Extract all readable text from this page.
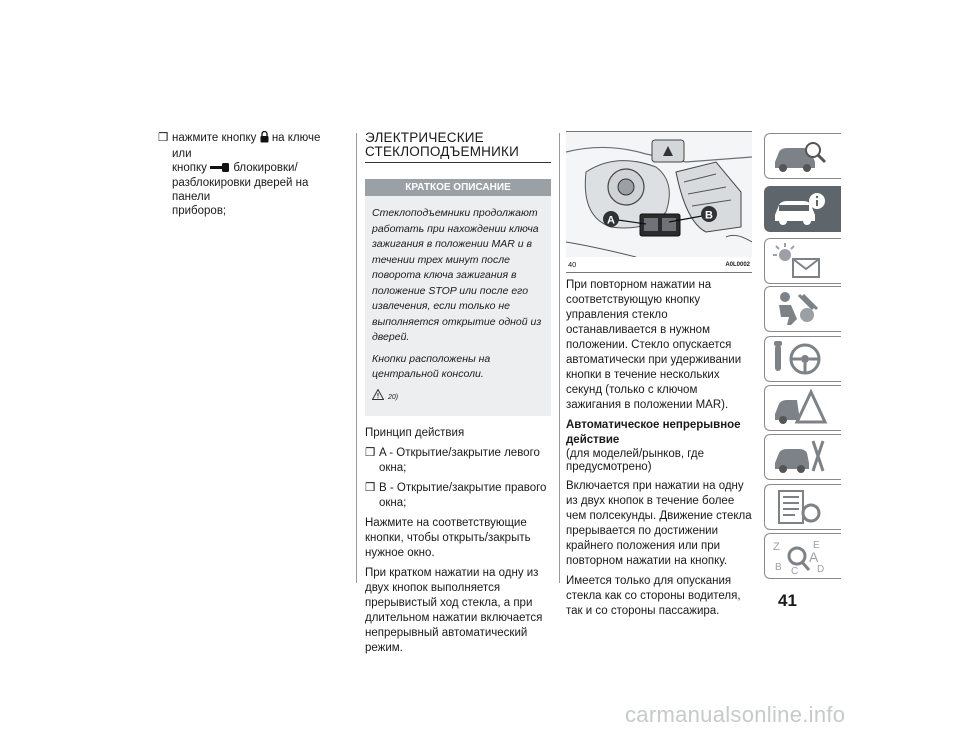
❒ нажмите кнопку на ключе или
кнопку блокировки/
разблокировки дверей на панели
приборов;

ЭЛЕКТРИЧЕСКИЕ
СТЕКЛОПОДЪЕМНИКИ
КРАТКОЕ ОПИСАНИЕ

Стеклоподъемники продолжают работать при нахождении ключа зажигания в положении MAR и в течении трех минут после поворота ключа зажигания в положение STOP или после его извлечения, если только не выполняется открытие одной из дверей.

Кнопки расположены на центральной консоли.

20)

Принцип действия

❒ A - Открытие/закрытие левого окна;

❒ B - Открытие/закрытие правого окна;

Нажмите на соответствующие кнопки, чтобы открыть/закрыть нужное окно.

При кратком нажатии на одну из двух кнопок выполняется прерывистый ход стекла, а при длительном нажатии включается непрерывный автоматический режим.

A	B
40	A0L0002

При повторном нажатии на соответствующую кнопку управления стекло останавливается в нужном положении. Стекло опускается автоматически при удерживании кнопки в течение нескольких секунд (только с ключом зажигания в положении MAR).

Автоматическое непрерывное действие

(для моделей/рынков, где предусмотрено)

Включается при нажатии на одну из двух кнопок в течение более чем полсекунды. Движение стекла прерывается по достижении крайнего положения или при повторном нажатии на кнопку.

Имеется только для опускания стекла как со стороны водителя, так и со стороны пассажира.

Z
B C
A
E
D
41
carmanualsonline.info
